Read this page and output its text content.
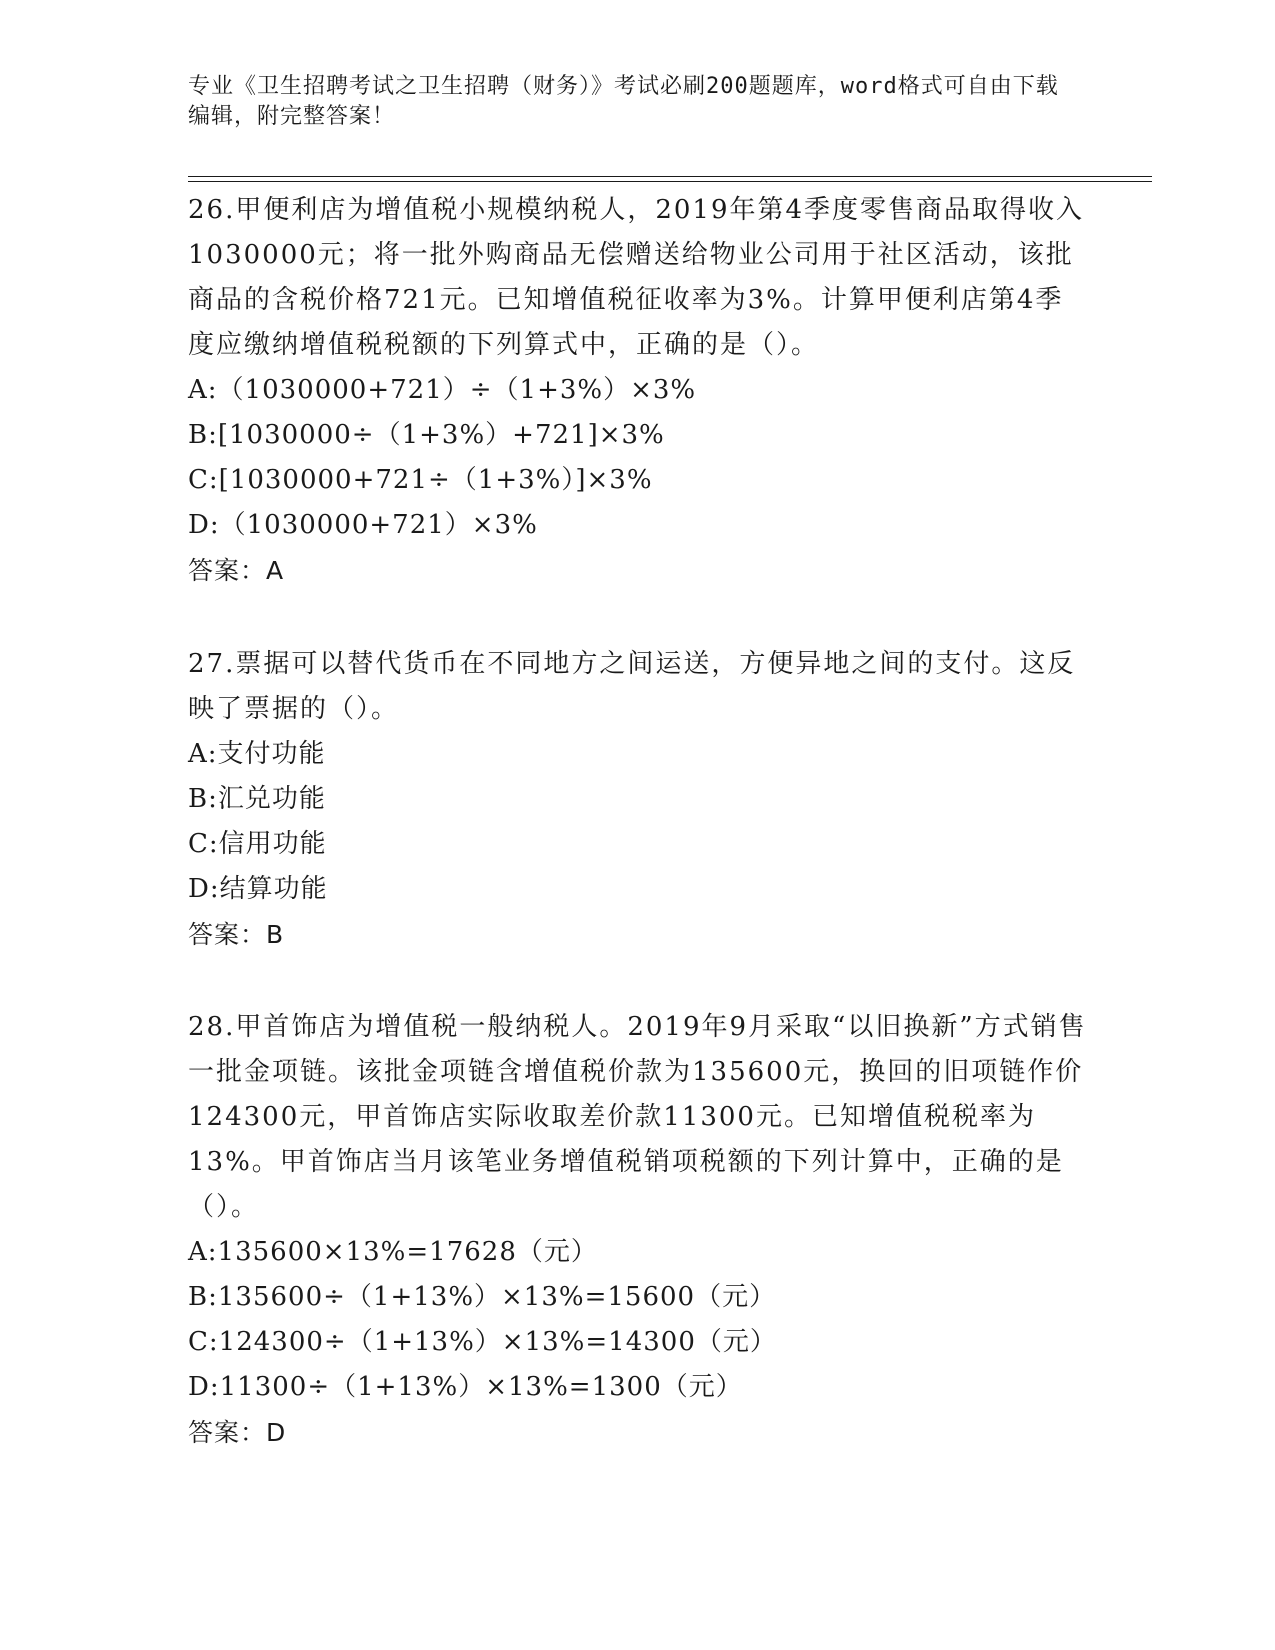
专业《卫生招聘考试之卫生招聘（财务）》考试必刷200题题库，word格式可自由下载编辑，附完整答案！

26.甲便利店为增值税小规模纳税人，2019年第4季度零售商品取得收入1030000元；将一批外购商品无偿赠送给物业公司用于社区活动，该批商品的含税价格721元。已知增值税征收率为3%。计算甲便利店第4季度应缴纳增值税税额的下列算式中，正确的是（）。

A:（1030000+721）÷（1+3%）×3%

B:[1030000÷（1+3%）+721]×3%

C:[1030000+721÷（1+3%）]×3%

D:（1030000+721）×3%

答案：A

27.票据可以替代货币在不同地方之间运送，方便异地之间的支付。这反映了票据的（）。

A:支付功能

B:汇兑功能

C:信用功能

D:结算功能

答案：B

28.甲首饰店为增值税一般纳税人。2019年9月采取“以旧换新”方式销售一批金项链。该批金项链含增值税价款为135600元，换回的旧项链作价124300元，甲首饰店实际收取差价款11300元。已知增值税税率为13%。甲首饰店当月该笔业务增值税销项税额的下列计算中，正确的是（）。

A:135600×13%=17628（元）

B:135600÷（1+13%）×13%=15600（元）

C:124300÷（1+13%）×13%=14300（元）

D:11300÷（1+13%）×13%=1300（元）

答案：D
